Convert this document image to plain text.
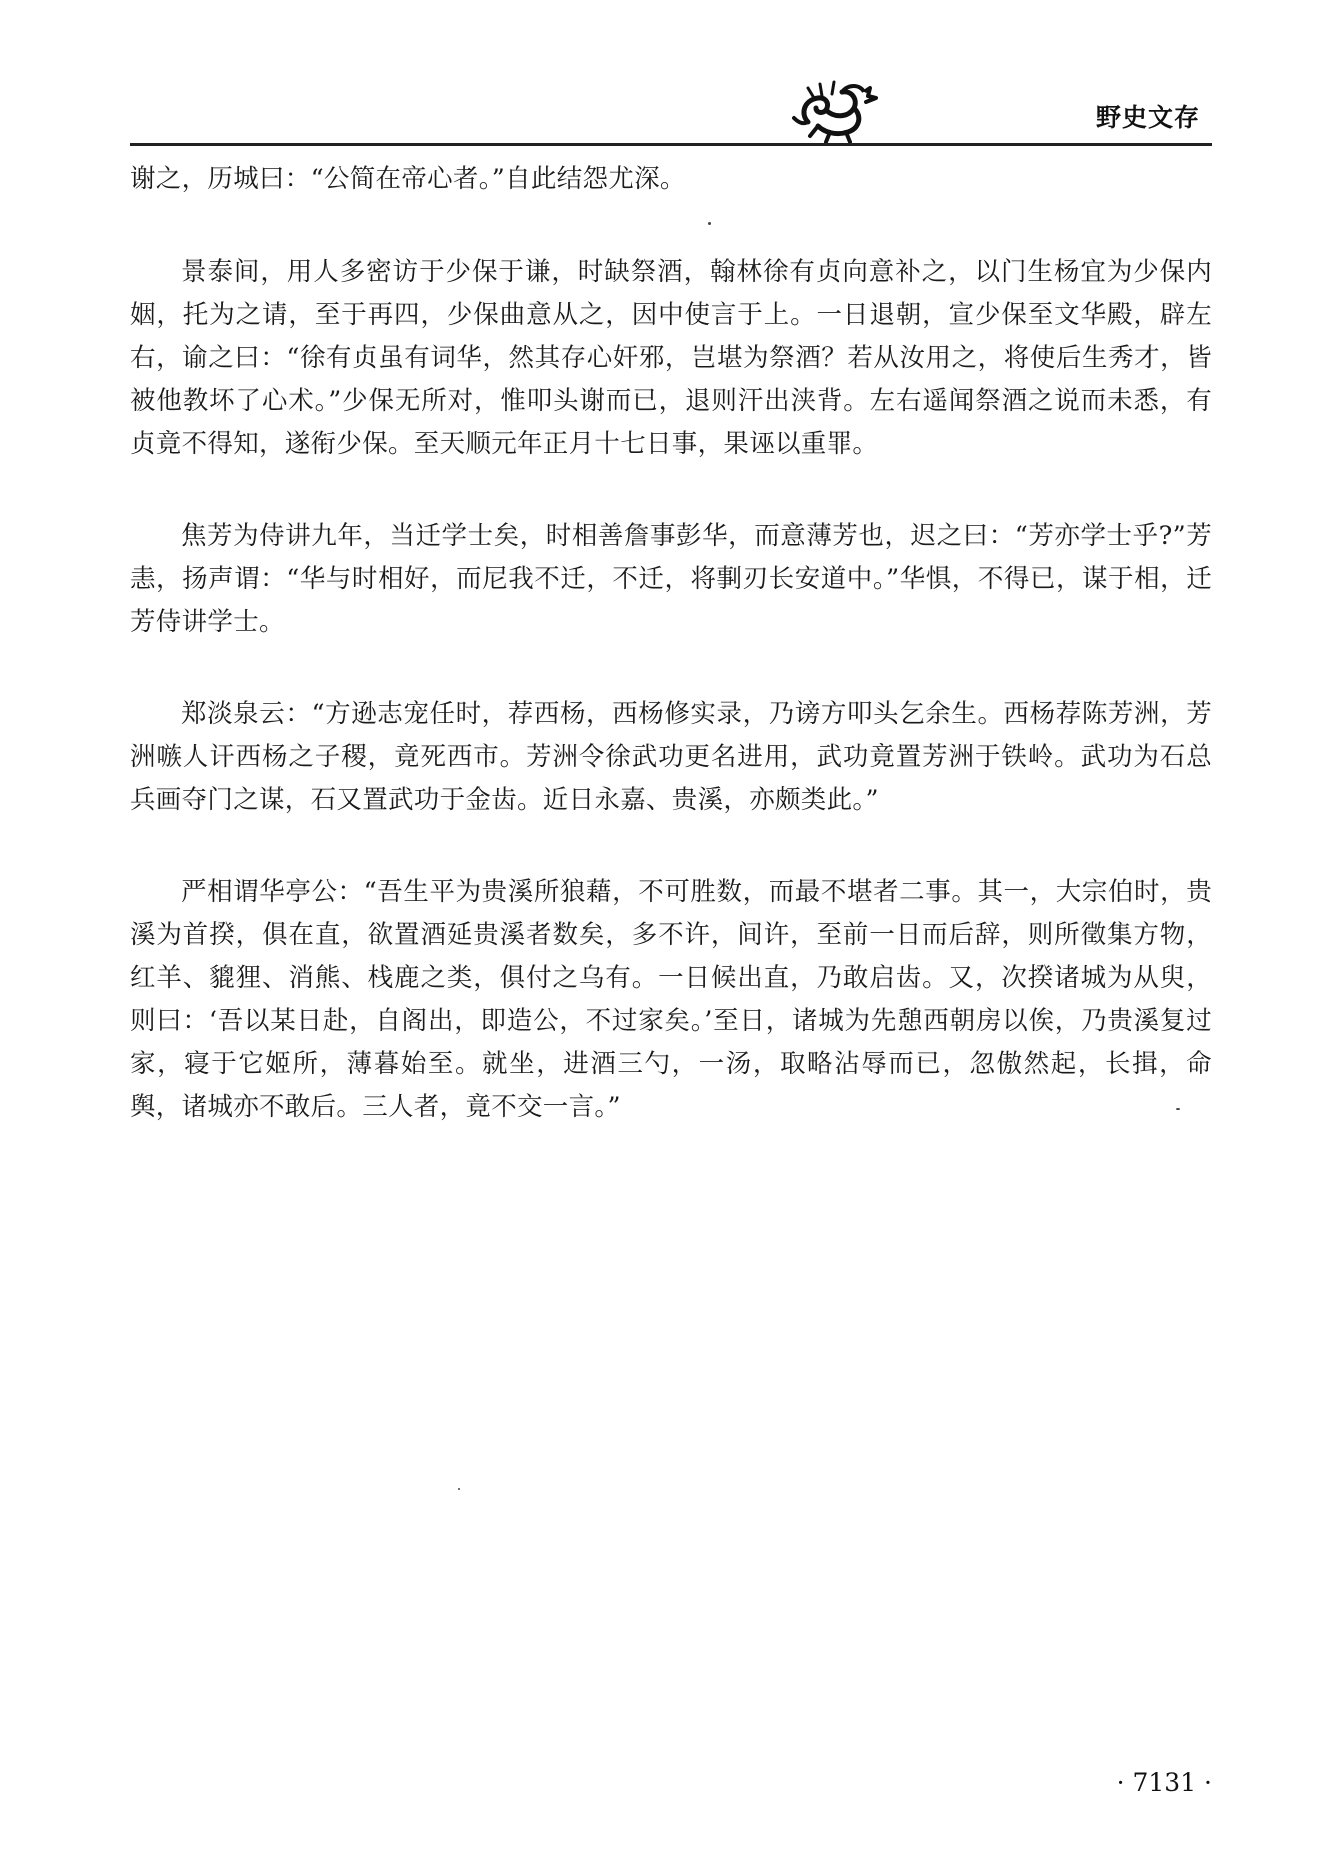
野史文存

谢之，历城曰：“公简在帝心者。”自此结怨尤深。

景泰间，用人多密访于少保于谦，时缺祭酒，翰林徐有贞向意补之，以门生杨宜为少保内姻，托为之请，至于再四，少保曲意从之，因中使言于上。一日退朝，宣少保至文华殿，辟左右，谕之曰：“徐有贞虽有词华，然其存心奸邪，岂堪为祭酒？若从汝用之，将使后生秀才，皆被他教坏了心术。”少保无所对，惟叩头谢而已，退则汗出浃背。左右遥闻祭酒之说而未悉，有贞竟不得知，遂衔少保。至天顺元年正月十七日事，果诬以重罪。

焦芳为侍讲九年，当迁学士矣，时相善詹事彭华，而意薄芳也，迟之曰：“芳亦学士乎?”芳恚，扬声谓：“华与时相好，而尼我不迁，不迁，将剚刃长安道中。”华惧，不得已，谋于相，迁芳侍讲学士。

郑淡泉云：“方逊志宠任时，荐西杨，西杨修实录，乃谤方叩头乞余生。西杨荐陈芳洲，芳洲嗾人讦西杨之子稷，竟死西市。芳洲令徐武功更名进用，武功竟置芳洲于铁岭。武功为石总兵画夺门之谋，石又置武功于金齿。近日永嘉、贵溪，亦颇类此。”

严相谓华亭公：“吾生平为贵溪所狼藉，不可胜数，而最不堪者二事。其一，大宗伯时，贵溪为首揆，俱在直，欲置酒延贵溪者数矣，多不许，间许，至前一日而后辞，则所徵集方物，红羊、貔狸、消熊、栈鹿之类，俱付之乌有。一日候出直，乃敢启齿。又，次揆诸城为从臾，则曰：‘吾以某日赴，自阁出，即造公，不过家矣。’至日，诸城为先憩西朝房以俟，乃贵溪复过家，寝于它姬所，薄暮始至。就坐，进酒三勺，一汤，取略沾辱而已，忽傲然起，长揖，命舆，诸城亦不敢后。三人者，竟不交一言。”

· 7131 ·
